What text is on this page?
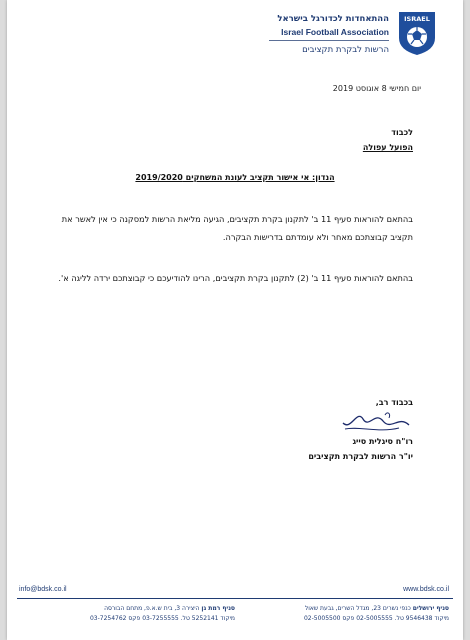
ISRAEL
ההתאחדות לכדורגל בישראל
Israel Football Association
הרשות לבקרת תקציבים
יום חמישי 8 אוגוסט 2019
לכבוד
הפועל עפולה
הנדון: אי אישור תקציב לעונת המשחקים 2019/2020
בהתאם להוראות סעיף 11 ב' לתקנון בקרת תקציבים, הגיעה מליאת הרשות למסקנה כי אין לאשר את תקציב קבוצתכם מאחר ולא עומדתם בדרישות הבקרה.
בהתאם להוראות סעיף 11 ב' (2) לתקנון בקרת תקציבים, הרינו להודיעכם כי קבוצתכם ירדה לליגה א'.
בכבוד רב,
רו"ח סיגלית סייג
יו"ר הרשות לבקרת תקציבים
info@bdsk.co.il	www.bdsk.co.il
סניף ירושלים כנפי נשרים 23, מגדל השרים, גבעת שאול
מיקוד 9546438 טל. 02-5005555 פקס 02-5005500
סניף רמת גן היצירה 3, בית ש.א.פ, מתחם הבורסה
מיקוד 5252141 טל. 03-7255555 פקס 03-7254762
